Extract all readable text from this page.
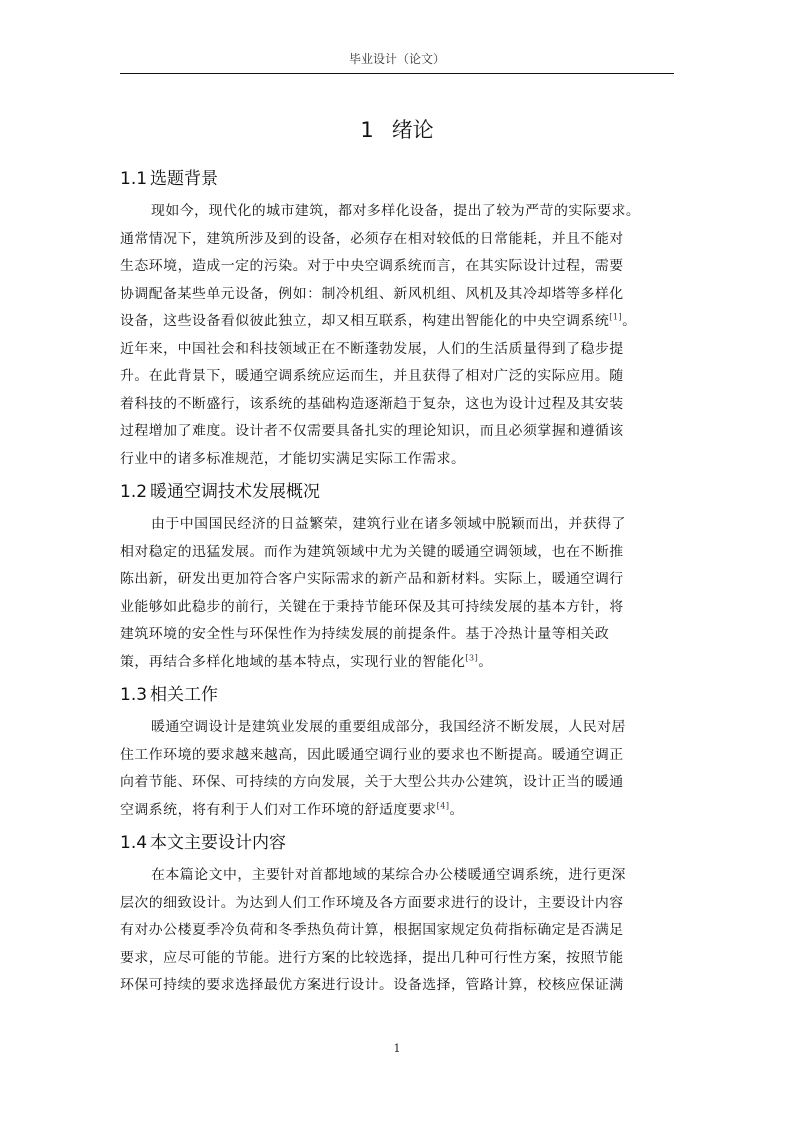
毕业设计（论文）
1 绪论
1.1 选题背景
现如今，现代化的城市建筑，都对多样化设备，提出了较为严苛的实际要求。
通常情况下，建筑所涉及到的设备，必须存在相对较低的日常能耗，并且不能对
生态环境，造成一定的污染。对于中央空调系统而言，在其实际设计过程，需要
协调配备某些单元设备，例如：制冷机组、新风机组、风机及其冷却塔等多样化
设备，这些设备看似彼此独立，却又相互联系，构建出智能化的中央空调系统[1]。
近年来，中国社会和科技领域正在不断蓬勃发展，人们的生活质量得到了稳步提
升。在此背景下，暖通空调系统应运而生，并且获得了相对广泛的实际应用。随
着科技的不断盛行，该系统的基础构造逐渐趋于复杂，这也为设计过程及其安装
过程增加了难度。设计者不仅需要具备扎实的理论知识，而且必须掌握和遵循该
行业中的诸多标准规范，才能切实满足实际工作需求。
1.2 暖通空调技术发展概况
由于中国国民经济的日益繁荣，建筑行业在诸多领域中脱颖而出，并获得了
相对稳定的迅猛发展。而作为建筑领域中尤为关键的暖通空调领域，也在不断推
陈出新，研发出更加符合客户实际需求的新产品和新材料。实际上，暖通空调行
业能够如此稳步的前行，关键在于秉持节能环保及其可持续发展的基本方针，将
建筑环境的安全性与环保性作为持续发展的前提条件。基于冷热计量等相关政
策，再结合多样化地域的基本特点，实现行业的智能化[3]。
1.3 相关工作
暖通空调设计是建筑业发展的重要组成部分，我国经济不断发展，人民对居
住工作环境的要求越来越高，因此暖通空调行业的要求也不断提高。暖通空调正
向着节能、环保、可持续的方向发展，关于大型公共办公建筑，设计正当的暖通
空调系统，将有利于人们对工作环境的舒适度要求[4]。
1.4 本文主要设计内容
在本篇论文中，主要针对首都地域的某综合办公楼暖通空调系统，进行更深
层次的细致设计。为达到人们工作环境及各方面要求进行的设计，主要设计内容
有对办公楼夏季冷负荷和冬季热负荷计算，根据国家规定负荷指标确定是否满足
要求，应尽可能的节能。进行方案的比较选择，提出几种可行性方案，按照节能
环保可持续的要求选择最优方案进行设计。设备选择，管路计算，校核应保证满
1
